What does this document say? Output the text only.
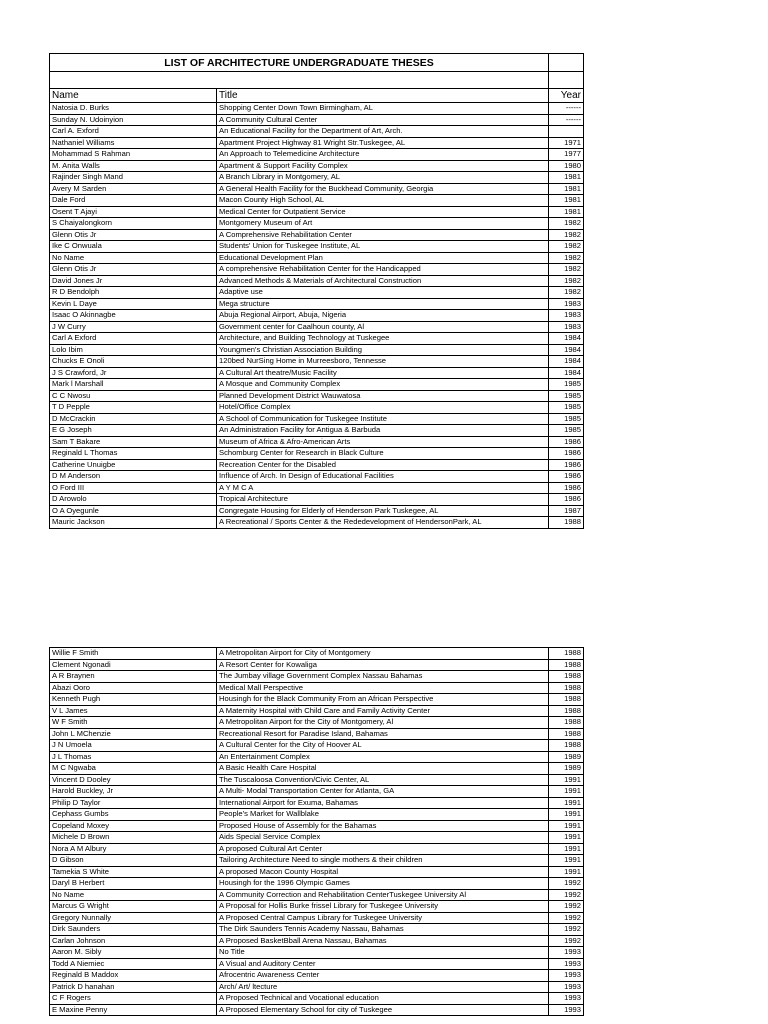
LIST OF ARCHITECTURE UNDERGRADUATE THESES		

Name	Title	Year
Natosia D. Burks	Shopping Center Down Town Birmingham, AL	------
Sunday N. Udoinyion	A Community Cultural Center	------
Carl A. Exford	An Educational Facility for the Department of Art, Arch.	
Nathaniel Williams	Apartment Project Highway 81 Wright Str.Tuskegee, AL	1971
Mohammad S Rahman	An Approach to Telemedicine Architecture	1977
M. Anita Walls	Apartment & Support Facility Complex	1980
Rajinder Singh Mand	A Branch Library in Montgomery, AL	1981
Avery M Sarden	A General Health Facility for the Buckhead Community, Georgia	1981
Dale Ford	Macon County High School, AL	1981
Osent T Ajayi	Medical Center for Outpatient Service	1981
S Chaiyalongkorn	Montgomery Museum of Art	1982
Glenn Otis Jr	A Comprehensive Rehabilitation Center	1982
Ike C Onwuala	Students' Union for Tuskegee Institute, AL	1982
No Name	Educational Development Plan	1982
Glenn Otis Jr	A comprehensive Rehabilitation Center for the Handicapped	1982
David Jones Jr	Advanced Methods & Materials of Architectural Construction	1982
R D Bendolph	Adaptive use	1982
Kevin L Daye	Mega structure	1983
Isaac O Akinnagbe	Abuja Regional Airport, Abuja, Nigeria	1983
J W Curry	Government center for Caalhoun county, Al	1983
Carl A Exford	Architecture, and Building Technology at Tuskegee	1984
Lolo Ibim	Youngmen's Christian Association Building	1984
Chucks E Onoli	120bed NurSing Home in Murreesboro, Tennesse	1984
J S Crawford, Jr	A Cultural Art theatre/Music Facility	1984
Mark l Marshall	A Mosque and Community Complex	1985
C C Nwosu	Planned Development District Wauwatosa	1985
T D Pepple	Hotel/Office Complex	1985
D McCrackin	A School of Communication for Tuskegee Institute	1985
E G Joseph	An Administration Facility for Antigua & Barbuda	1985
Sam T Bakare	Museum of Africa & Afro-American Arts	1986
Reginald L Thomas	Schomburg Center for Research in Black Culture	1986
Catherine Unuigbe	Recreation Center for the Disabled	1986
D M Anderson	Influence of Arch. In Design of Educational Facilities	1986
O Ford III	A Y M C A	1986
D Arowolo	Tropical Architecture	1986
O A Oyegunle	Congregate Housing for Elderly of Henderson Park Tuskegee, AL	1987
Mauric Jackson	A Recreational / Sports Center & the Rededevelopment of HendersonPark, AL	1988
Willie F Smith	A Metropolitan Airport for City of Montgomery	1988
Clement Ngonadi	A Resort Center for Kowaliga	1988
A R Braynen	The Jumbay village Government Complex Nassau Bahamas	1988
Abazi Ooro	Medical Mall Perspective	1988
Kenneth Pugh	Housingh for the Black Community From an African Perspective	1988
V L James	A Maternity Hospital with Child Care and Family Activity Center	1988
W F Smith	A Metropolitan Airport for the City of Montgomery, Al	1988
John L MChenzie	Recreational Resort for Paradise Island, Bahamas	1988
J N Umoela	A Cultural Center for the City of Hoover AL	1988
J L Thomas	An Entertainment Complex	1989
M C Ngwaba	A Basic Health Care Hospital	1989
Vincent D Dooley	The Tuscaloosa Convention/Civic Center, AL	1991
Harold Buckley, Jr	A Multi- Modal Transportation Center for Atlanta, GA	1991
Philip D Taylor	International Airport for Exuma, Bahamas	1991
Cephass Gumbs	People's Market for Wallblake	1991
Copeland Moxey	Proposed House of Assembly for the Bahamas	1991
Michele D Brown	Aids Special Service Complex	1991
Nora A M Albury	A proposed Cultural Art Center	1991
D Gibson	Tailoring Architecture Need to single mothers & their children	1991
Tamekia S White	A proposed Macon County Hospital	1991
Daryl B Herbert	Housingh for the 1996 Olympic Games	1992
No Name	A Community Correction and Rehabilitation CenterTuskegee University Al	1992
Marcus G Wright	A Proposal for Hollis Burke frissel Library for Tuskegee University	1992
Gregory Nunnally	A Proposed Central Campus Library for Tuskegee University	1992
Dirk Saunders	The Dirk Saunders Tennis Academy Nassau, Bahamas	1992
Carlan Johnson	A Proposed BasketBball Arena Nassau, Bahamas	1992
Aaron M. Sibly	No Title	1993
Todd A Niemiec	A Visual and Auditory Center	1993
Reginald B Maddox	Afrocentric Awareness Center	1993
Patrick D hanahan	Arch/ Art/ ltecture	1993
C F Rogers	A Proposed Technical and Vocational education	1993
E Maxine Penny	A Proposed Elementary School for city of Tuskegee	1993
